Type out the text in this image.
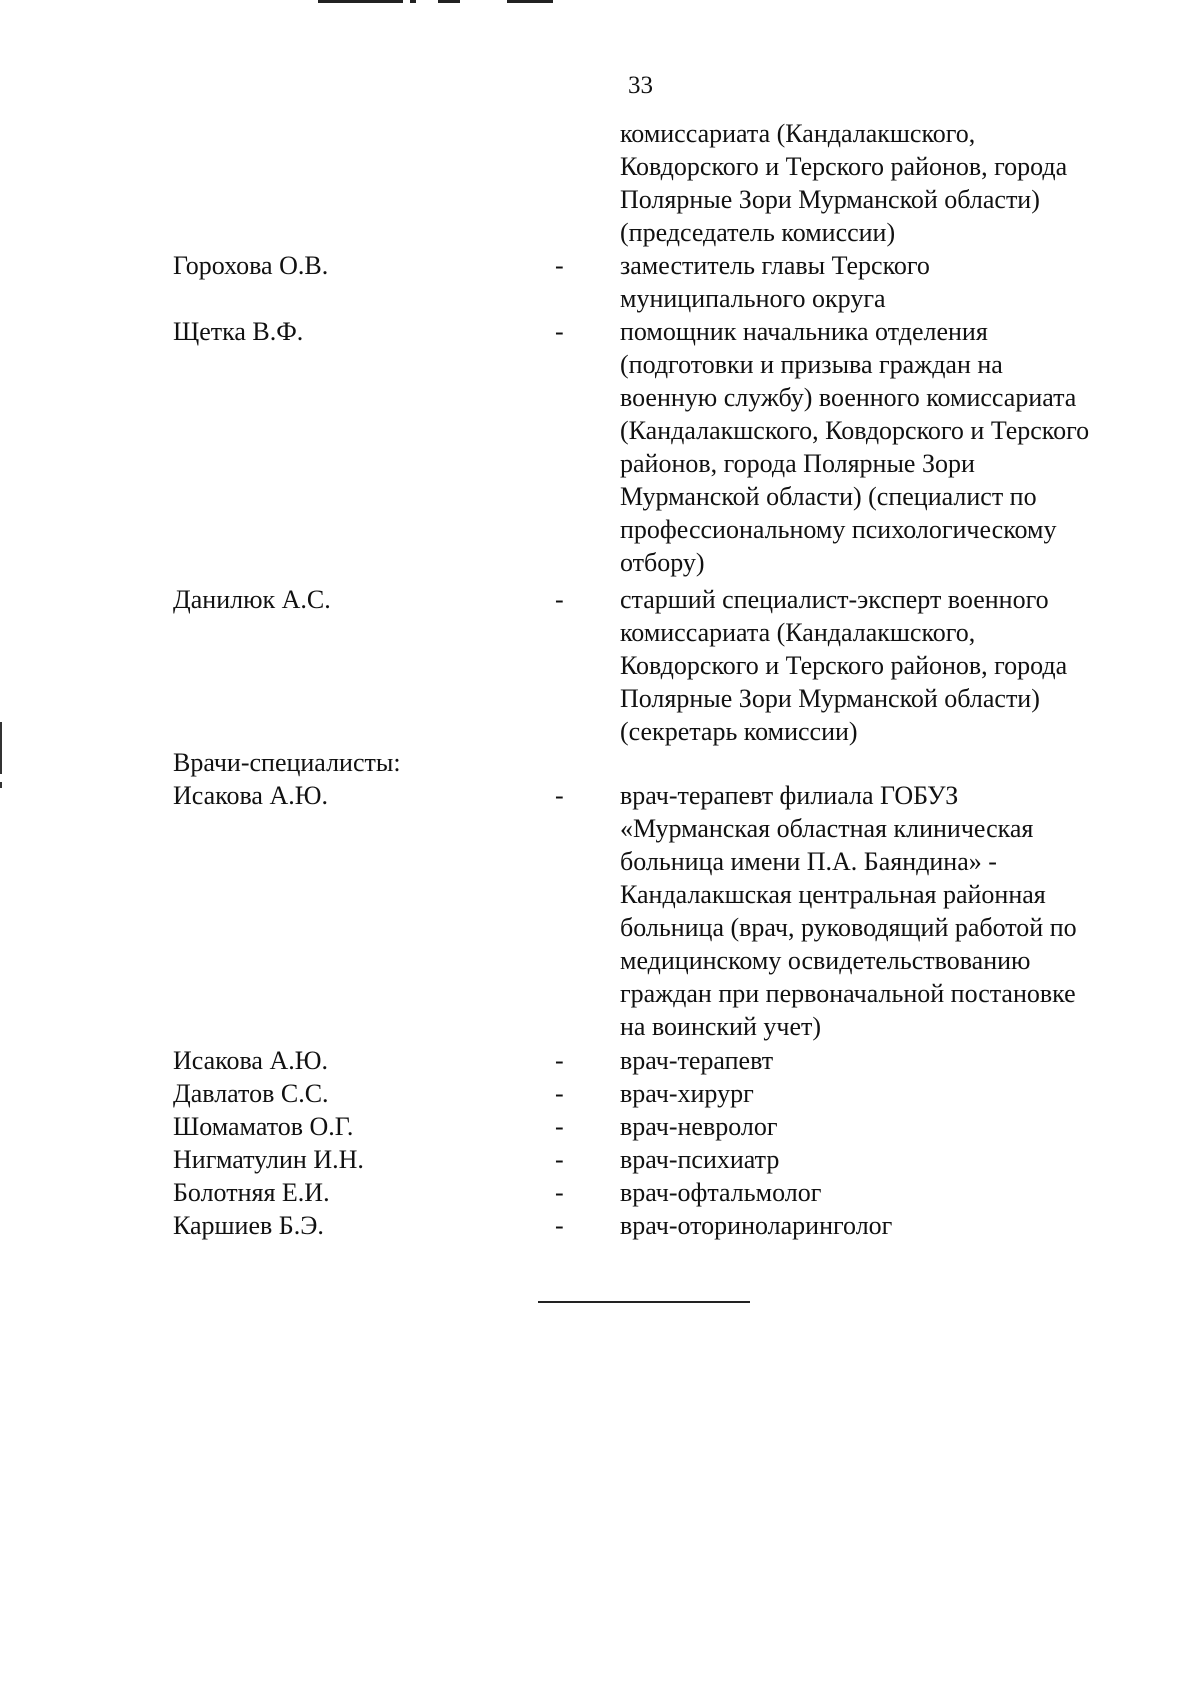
33
комиссариата (Кандалакшского,
Ковдорского и Терского районов, города
Полярные Зори Мурманской области)
(председатель комиссии)
Горохова О.В.	- заместитель главы Терского
муниципального округа
Щетка В.Ф.	- помощник начальника отделения
(подготовки и призыва граждан на
военную службу) военного комиссариата
(Кандалакшского, Ковдорского и Терского
районов, города Полярные Зори
Мурманской области) (специалист по
профессиональному психологическому
отбору)
Данилюк А.С.	- старший специалист-эксперт военного
комиссариата (Кандалакшского,
Ковдорского и Терского районов, города
Полярные Зори Мурманской области)
(секретарь комиссии)
Врачи-специалисты:
Исакова А.Ю.	- врач-терапевт филиала ГОБУЗ
«Мурманская областная клиническая
больница имени П.А. Баяндина» -
Кандалакшская центральная районная
больница (врач, руководящий работой по
медицинскому освидетельствованию
граждан при первоначальной постановке
на воинский учет)
Исакова А.Ю.	- врач-терапевт
Давлатов С.С.	- врач-хирург
Шомаматов О.Г.	- врач-невролог
Нигматулин И.Н.	- врач-психиатр
Болотняя Е.И.	- врач-офтальмолог
Каршиев Б.Э.	- врач-оториноларинголог
